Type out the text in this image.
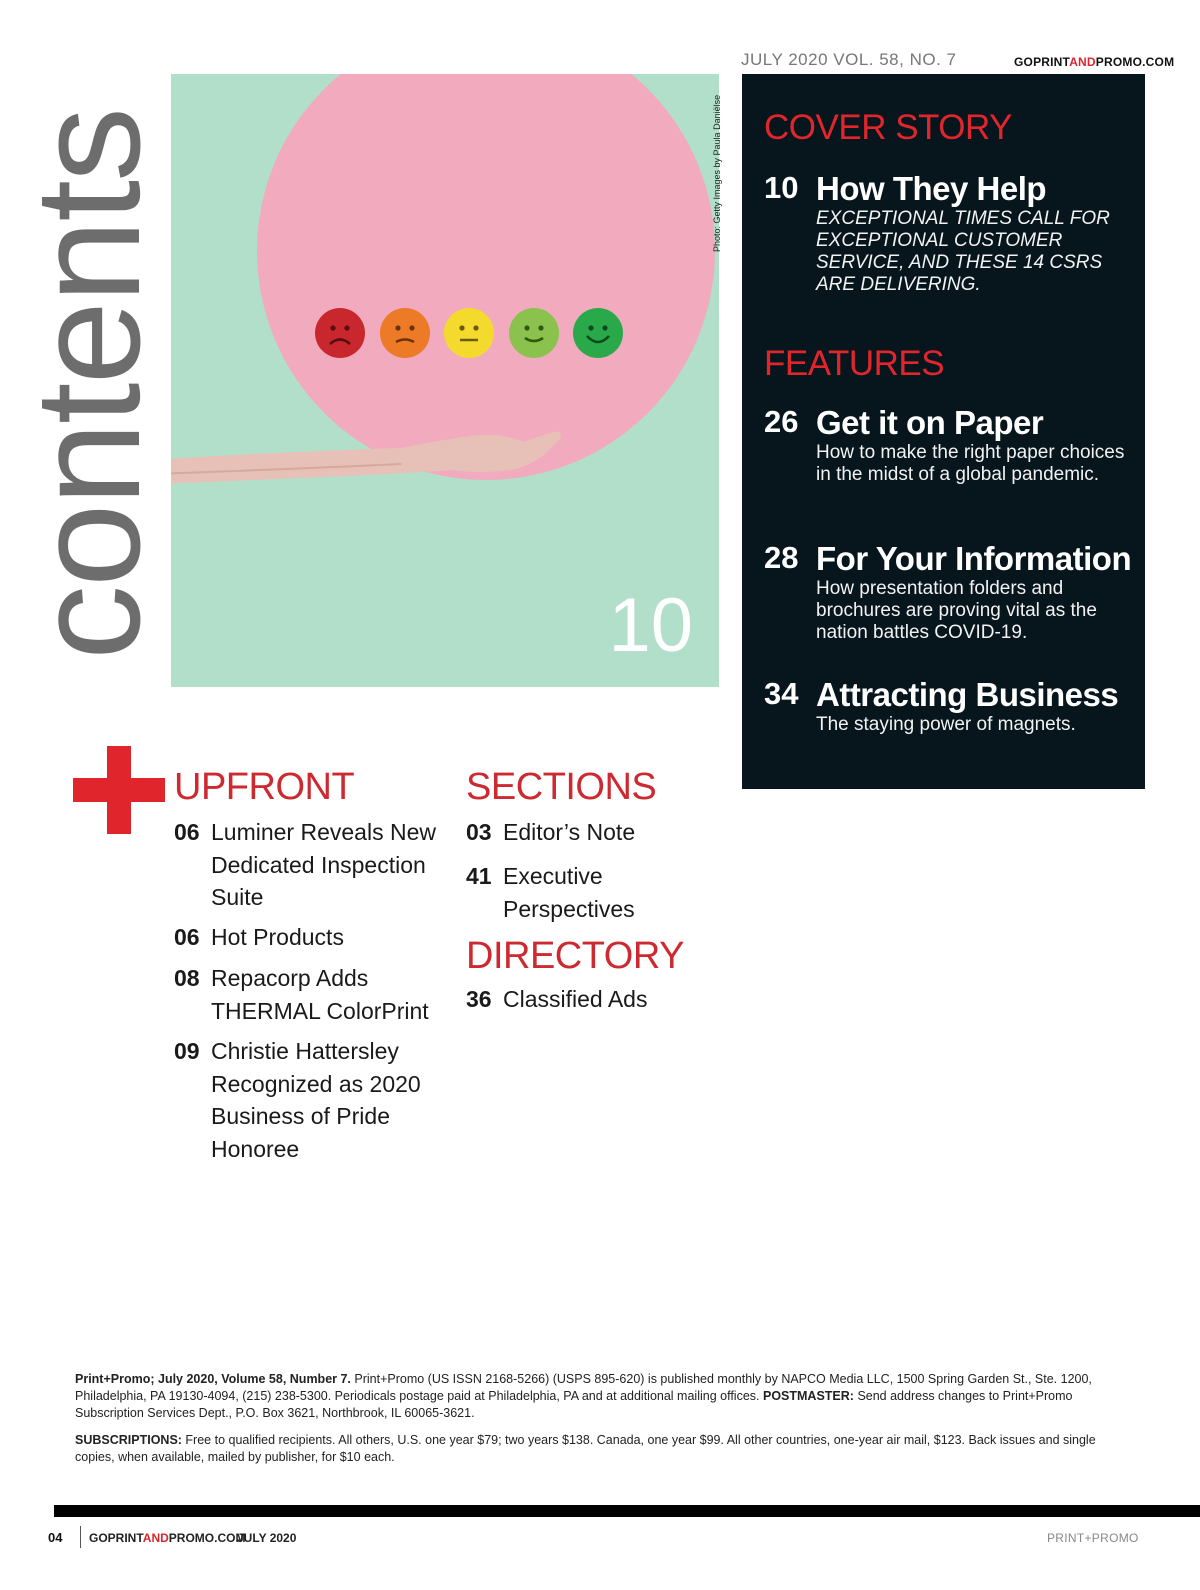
contents
JULY 2020 VOL. 58, NO. 7	GOPRINTANDPROMO.COM
10
Photo: Getty Images by Paula Daniëlse COVER STORY
10 How They Help
EXCEPTIONAL TIMES CALL FOR EXCEPTIONAL CUSTOMER SERVICE, AND THESE 14 CSRS ARE DELIVERING.
FEATURES
26 Get it on Paper
How to make the right paper choices in the midst of a global pandemic.
28 For Your Information
How presentation folders and brochures are proving vital as the nation battles COVID-19.
34 Attracting Business
The staying power of magnets.
UPFRONT
06 Luminer Reveals New Dedicated Inspection Suite
06 Hot Products
08 Repacorp Adds THERMAL ColorPrint
09 Christie Hattersley Recognized as 2020 Business of Pride Honoree
SECTIONS
03 Editor’s Note
41 Executive Perspectives
DIRECTORY
36 Classified Ads
Print+Promo; July 2020, Volume 58, Number 7. Print+Promo (US ISSN 2168-5266) (USPS 895-620) is published monthly by NAPCO Media LLC, 1500 Spring Garden St., Ste. 1200, Philadelphia, PA 19130-4094, (215) 238-5300. Periodicals postage paid at Philadelphia, PA and at additional mailing offices. POSTMASTER: Send address changes to Print+Promo Subscription Services Dept., P.O. Box 3621, Northbrook, IL 60065-3621.
SUBSCRIPTIONS: Free to qualified recipients. All others, U.S. one year $79; two years $138. Canada, one year $99. All other countries, one-year air mail, $123. Back issues and single copies, when available, mailed by publisher, for $10 each.
04 GOPRINTANDPROMO.COM
JULY 2020	PRINT+PROMO
